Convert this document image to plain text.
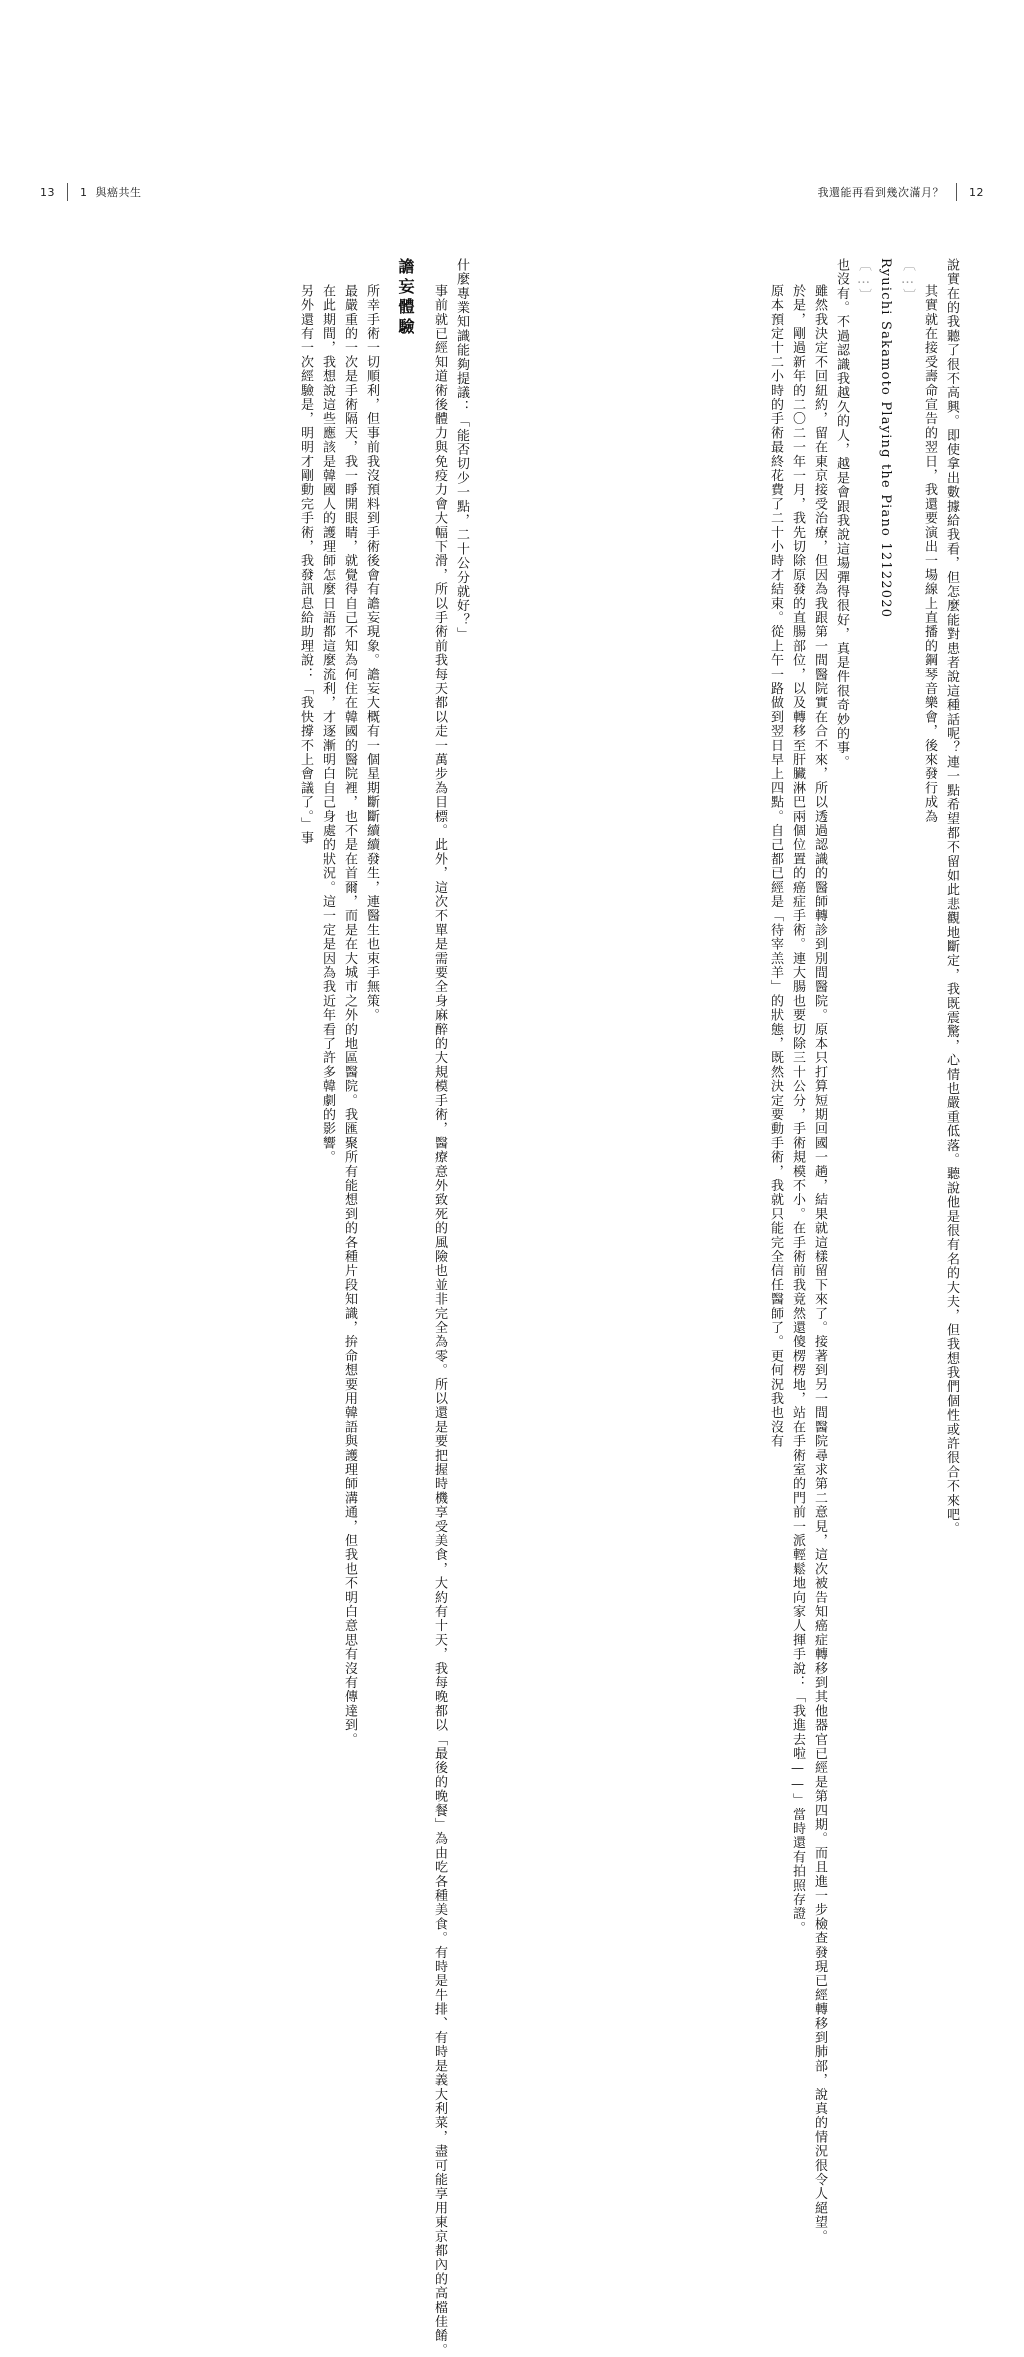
13 1 與癌共生

什麼專業知識能夠提議：「能否切少一點，二十公分就好？」

事前就已經知道術後體力與免疫力會大幅下滑，所以手術前我每天都以走一萬步為目標。此外，這次不單是需要全身麻醉的大規模手術，醫療意外致死的風險也並非完全為零。所以還是要把握時機享受美食，大約有十天，我每晚都以「最後的晚餐」為由吃各種美食。有時是牛排、有時是義大利菜，盡可能享用東京都內的高檔佳餚。

譫妄體驗

所幸手術一切順利，但事前我沒預料到手術後會有譫妄現象。譫妄大概有一個星期斷斷續續發生，連醫生也束手無策。

最嚴重的一次是手術隔天，我一睜開眼睛，就覺得自己不知為何住在韓國的醫院裡，也不是在首爾，而是在大城市之外的地區醫院。我匯聚所有能想到的各種片段知識，拚命想要用韓語與護理師溝通，但我也不明白意思有沒有傳達到。

在此期間，我想說這些應該是韓國人的護理師怎麼日語都這麼流利，才逐漸明白自己身處的狀況。這一定是因為我近年看了許多韓劇的影響。

另外還有一次經驗是，明明才剛動完手術，我發訊息給助理說：「我快撐不上會議了。」事

我還能再看到幾次滿月？ 12

說實在的我聽了很不高興。即使拿出數據給我看，但怎麼能對患者說這種話呢？連一點希望都不留如此悲觀地斷定，我既震驚，心情也嚴重低落。聽說他是很有名的大夫，但我想我們個性或許很合不來吧。

其實就在接受壽命宣告的翌日，我還要演出一場線上直播的鋼琴音樂會，後來發行成為

〔…〕

Ryuichi Sakamoto Playing the Piano 12122020

〔…〕

也沒有。不過認識我越久的人，越是會跟我說這場彈得很好，真是件很奇妙的事。

雖然我決定不回紐約，留在東京接受治療，但因為我跟第一間醫院實在合不來，所以透過認識的醫師轉診到別間醫院。原本只打算短期回國一趟，結果就這樣留下來了。接著到另一間醫院尋求第二意見，這次被告知癌症轉移到其他器官已經是第四期。而且進一步檢查發現已經轉移到肺部，說真的情況很令人絕望。

於是，剛過新年的二〇二一年一月，我先切除原發的直腸部位，以及轉移至肝臟淋巴兩個位置的癌症手術。連大腸也要切除三十公分，手術規模不小。在手術前我竟然還傻楞楞地，站在手術室的門前一派輕鬆地向家人揮手說：「我進去啦——」當時還有拍照存證。

原本預定十二小時的手術最終花費了二十小時才結束。從上午一路做到翌日早上四點。自己都已經是「待宰羔羊」的狀態，既然決定要動手術，我就只能完全信任醫師了。更何況我也沒有
